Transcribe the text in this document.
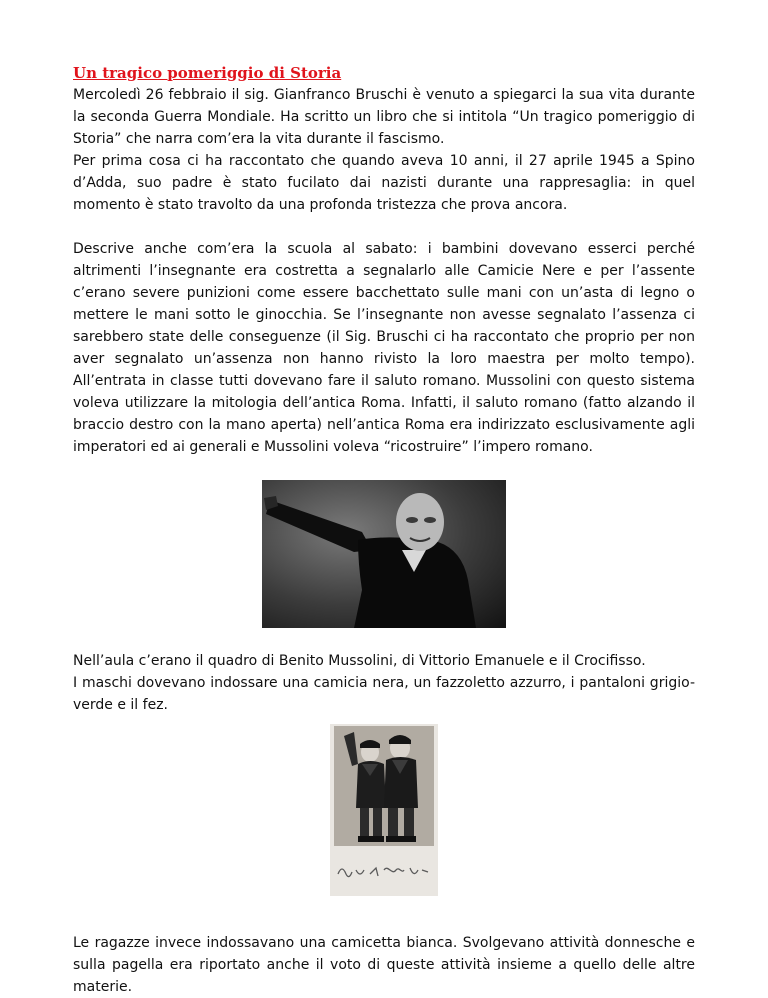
Un tragico pomeriggio di Storia

Mercoledì 26 febbraio il sig. Gianfranco Bruschi è venuto a spiegarci la sua vita durante la seconda Guerra Mondiale. Ha scritto un libro che si intitola “Un tragico pomeriggio di Storia” che narra com’era la vita durante il fascismo.

Per prima cosa ci ha raccontato che quando aveva 10 anni, il 27 aprile 1945 a Spino d’Adda, suo padre è stato fucilato dai nazisti durante una rappresaglia: in quel momento è stato travolto da una profonda tristezza che prova ancora.

Descrive anche com’era la scuola al sabato: i bambini dovevano esserci perché altrimenti l’insegnante era costretta a segnalarlo alle Camicie Nere e per l’assente c’erano severe punizioni come essere bacchettato sulle mani con un’asta di legno o mettere le mani sotto le ginocchia. Se l’insegnante non avesse segnalato l’assenza ci sarebbero state delle conseguenze (il Sig. Bruschi ci ha raccontato che proprio per non aver segnalato un’assenza non hanno rivisto la loro maestra per molto tempo). All’entrata in classe tutti dovevano fare il saluto romano. Mussolini con questo sistema voleva utilizzare la mitologia dell’antica Roma. Infatti, il saluto romano (fatto alzando il braccio destro con la mano aperta) nell’antica Roma era indirizzato esclusivamente agli imperatori ed ai generali e Mussolini voleva “ricostruire” l’impero romano.

Nell’aula c’erano il quadro di Benito Mussolini, di Vittorio Emanuele e il Crocifisso.

I maschi dovevano indossare una camicia nera, un fazzoletto azzurro, i pantaloni grigio-verde e il fez.

Le ragazze invece indossavano una camicetta bianca. Svolgevano attività donnesche e sulla pagella era riportato anche il voto di queste attività insieme a quello delle altre materie.
